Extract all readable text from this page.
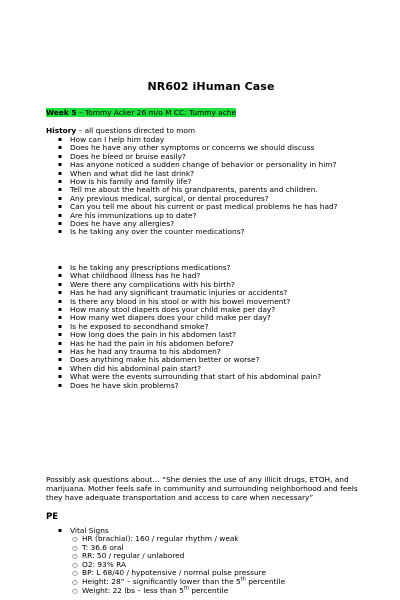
NR602 iHuman Case
Week 5 – Tommy Acker 26 m/o M CC: Tummy ache
History – all questions directed to mom
▪ How can I help him today
▪ Does he have any other symptoms or concerns we should discuss
▪ Does he bleed or bruise easily?
▪ Has anyone noticed a sudden change of behavior or personality in him?
▪ When and what did he last drink?
▪ How is his family and family life?
▪ Tell me about the health of his grandparents, parents and children.
▪ Any previous medical, surgical, or dental procedures?
▪ Can you tell me about his current or past medical problems he has had?
▪ Are his immunizations up to date?
▪ Does he have any allergies?
▪ Is he taking any over the counter medications?
▪ Is he taking any prescriptions medications?
▪ What childhood illness has he had?
▪ Were there any complications with his birth?
▪ Has he had any significant traumatic injuries or accidents?
▪ Is there any blood in his stool or with his bowel movement?
▪ How many stool diapers does your child make per day?
▪ How many wet diapers does your child make per day?
▪ Is he exposed to secondhand smoke?
▪ How long does the pain in his abdomen last?
▪ Has he had the pain in his abdomen before?
▪ Has he had any trauma to his abdomen?
▪ Does anything make his abdomen better or worse?
▪ When did his abdominal pain start?
▪ What were the events surrounding that start of his abdominal pain?
▪ Does he have skin problems?
Possibly ask questions about… “She denies the use of any illicit drugs, ETOH, and marijuana. Mother feels safe in community and surrounding neighborhood and feels they have adequate transportation and access to care when necessary”
PE
▪ Vital Signs
○ HR (brachial): 160 / regular rhythm / weak
○ T: 36.6 oral
○ RR: 50 / regular / unlabored
○ O2: 93% RA
○ BP: L 68/40 / hypotensive / normal pulse pressure
○ Height: 28” – significantly lower than the 5th percentile
○ Weight: 22 lbs – less than 5th percentile
